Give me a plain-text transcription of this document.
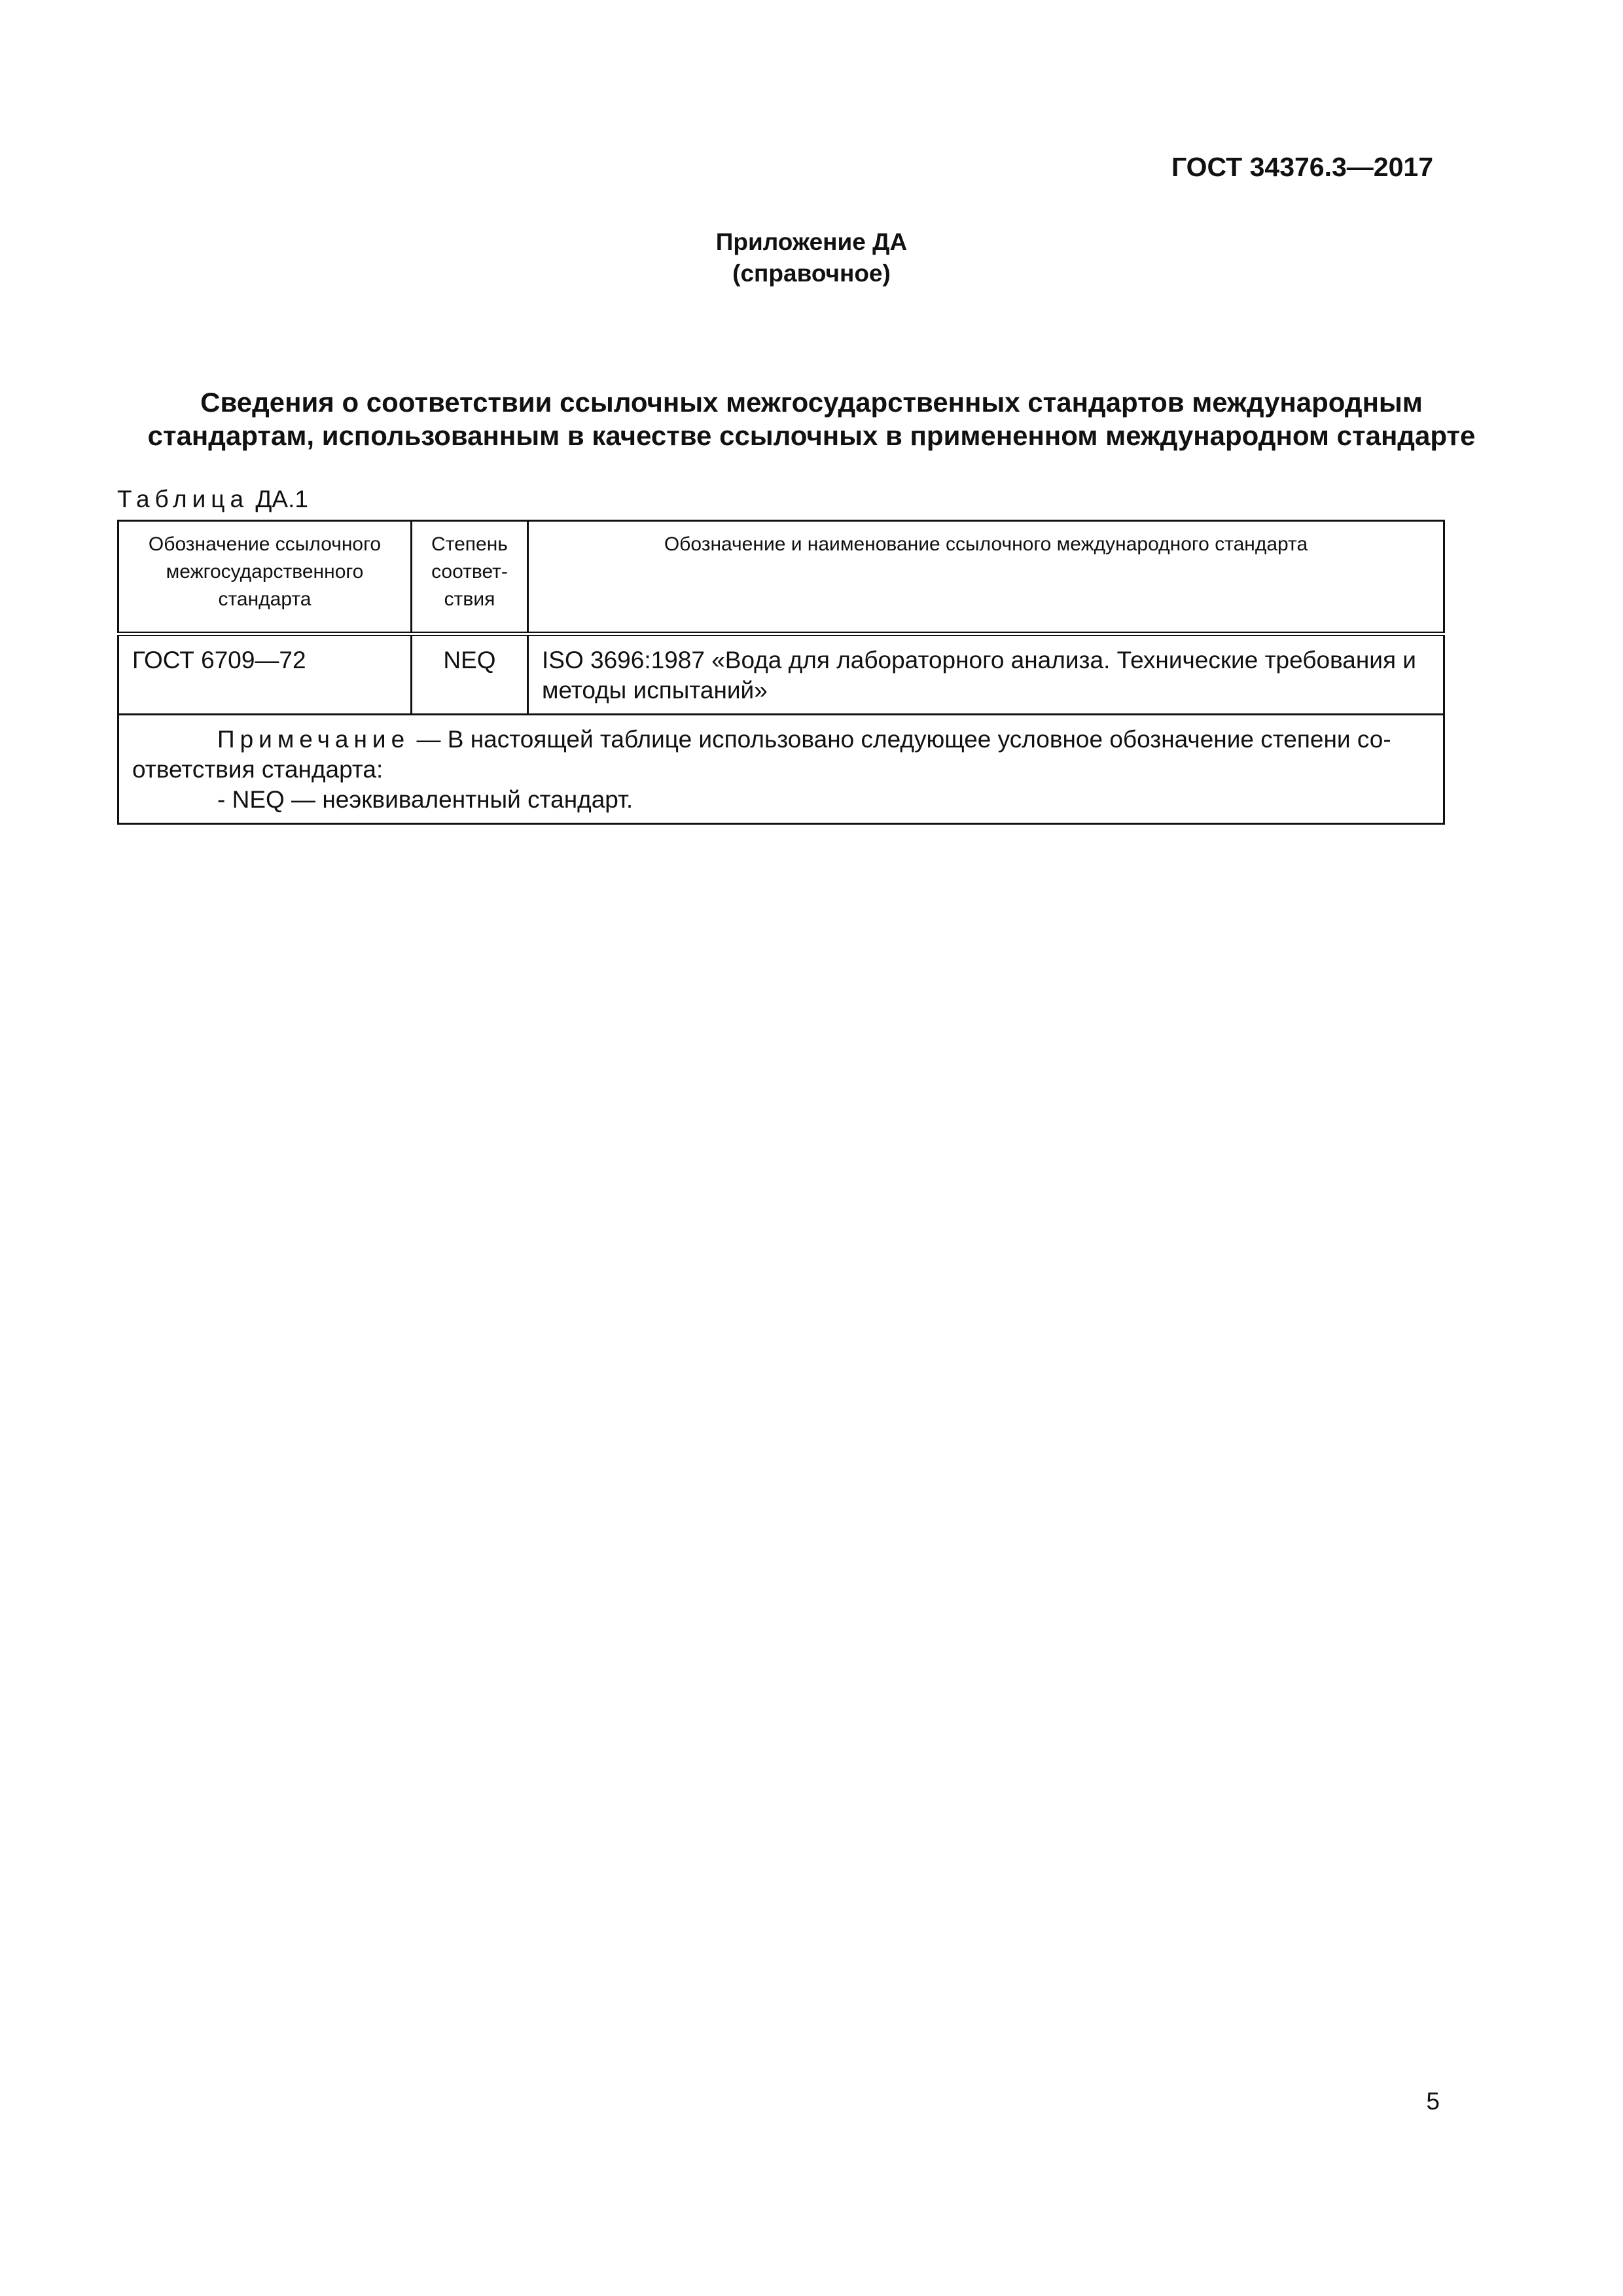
ГОСТ 34376.3—2017
Приложение ДА
(справочное)
Сведения о соответствии ссылочных межгосударственных стандартов международным
стандартам, использованным в качестве ссылочных в примененном международном стандарте
Таблица ДА.1
Обозначение ссылочного межгосударственного стандарта	Степень соответ-ствия	Обозначение и наименование ссылочного международного стандарта
ГОСТ 6709—72	NEQ	ISO 3696:1987 «Вода для лабораторного анализа. Технические требования и методы испытаний»

Примечание — В настоящей таблице использовано следующее условное обозначение степени со-ответствия стандарта:
- NEQ — неэквивалентный стандарт.		
5
